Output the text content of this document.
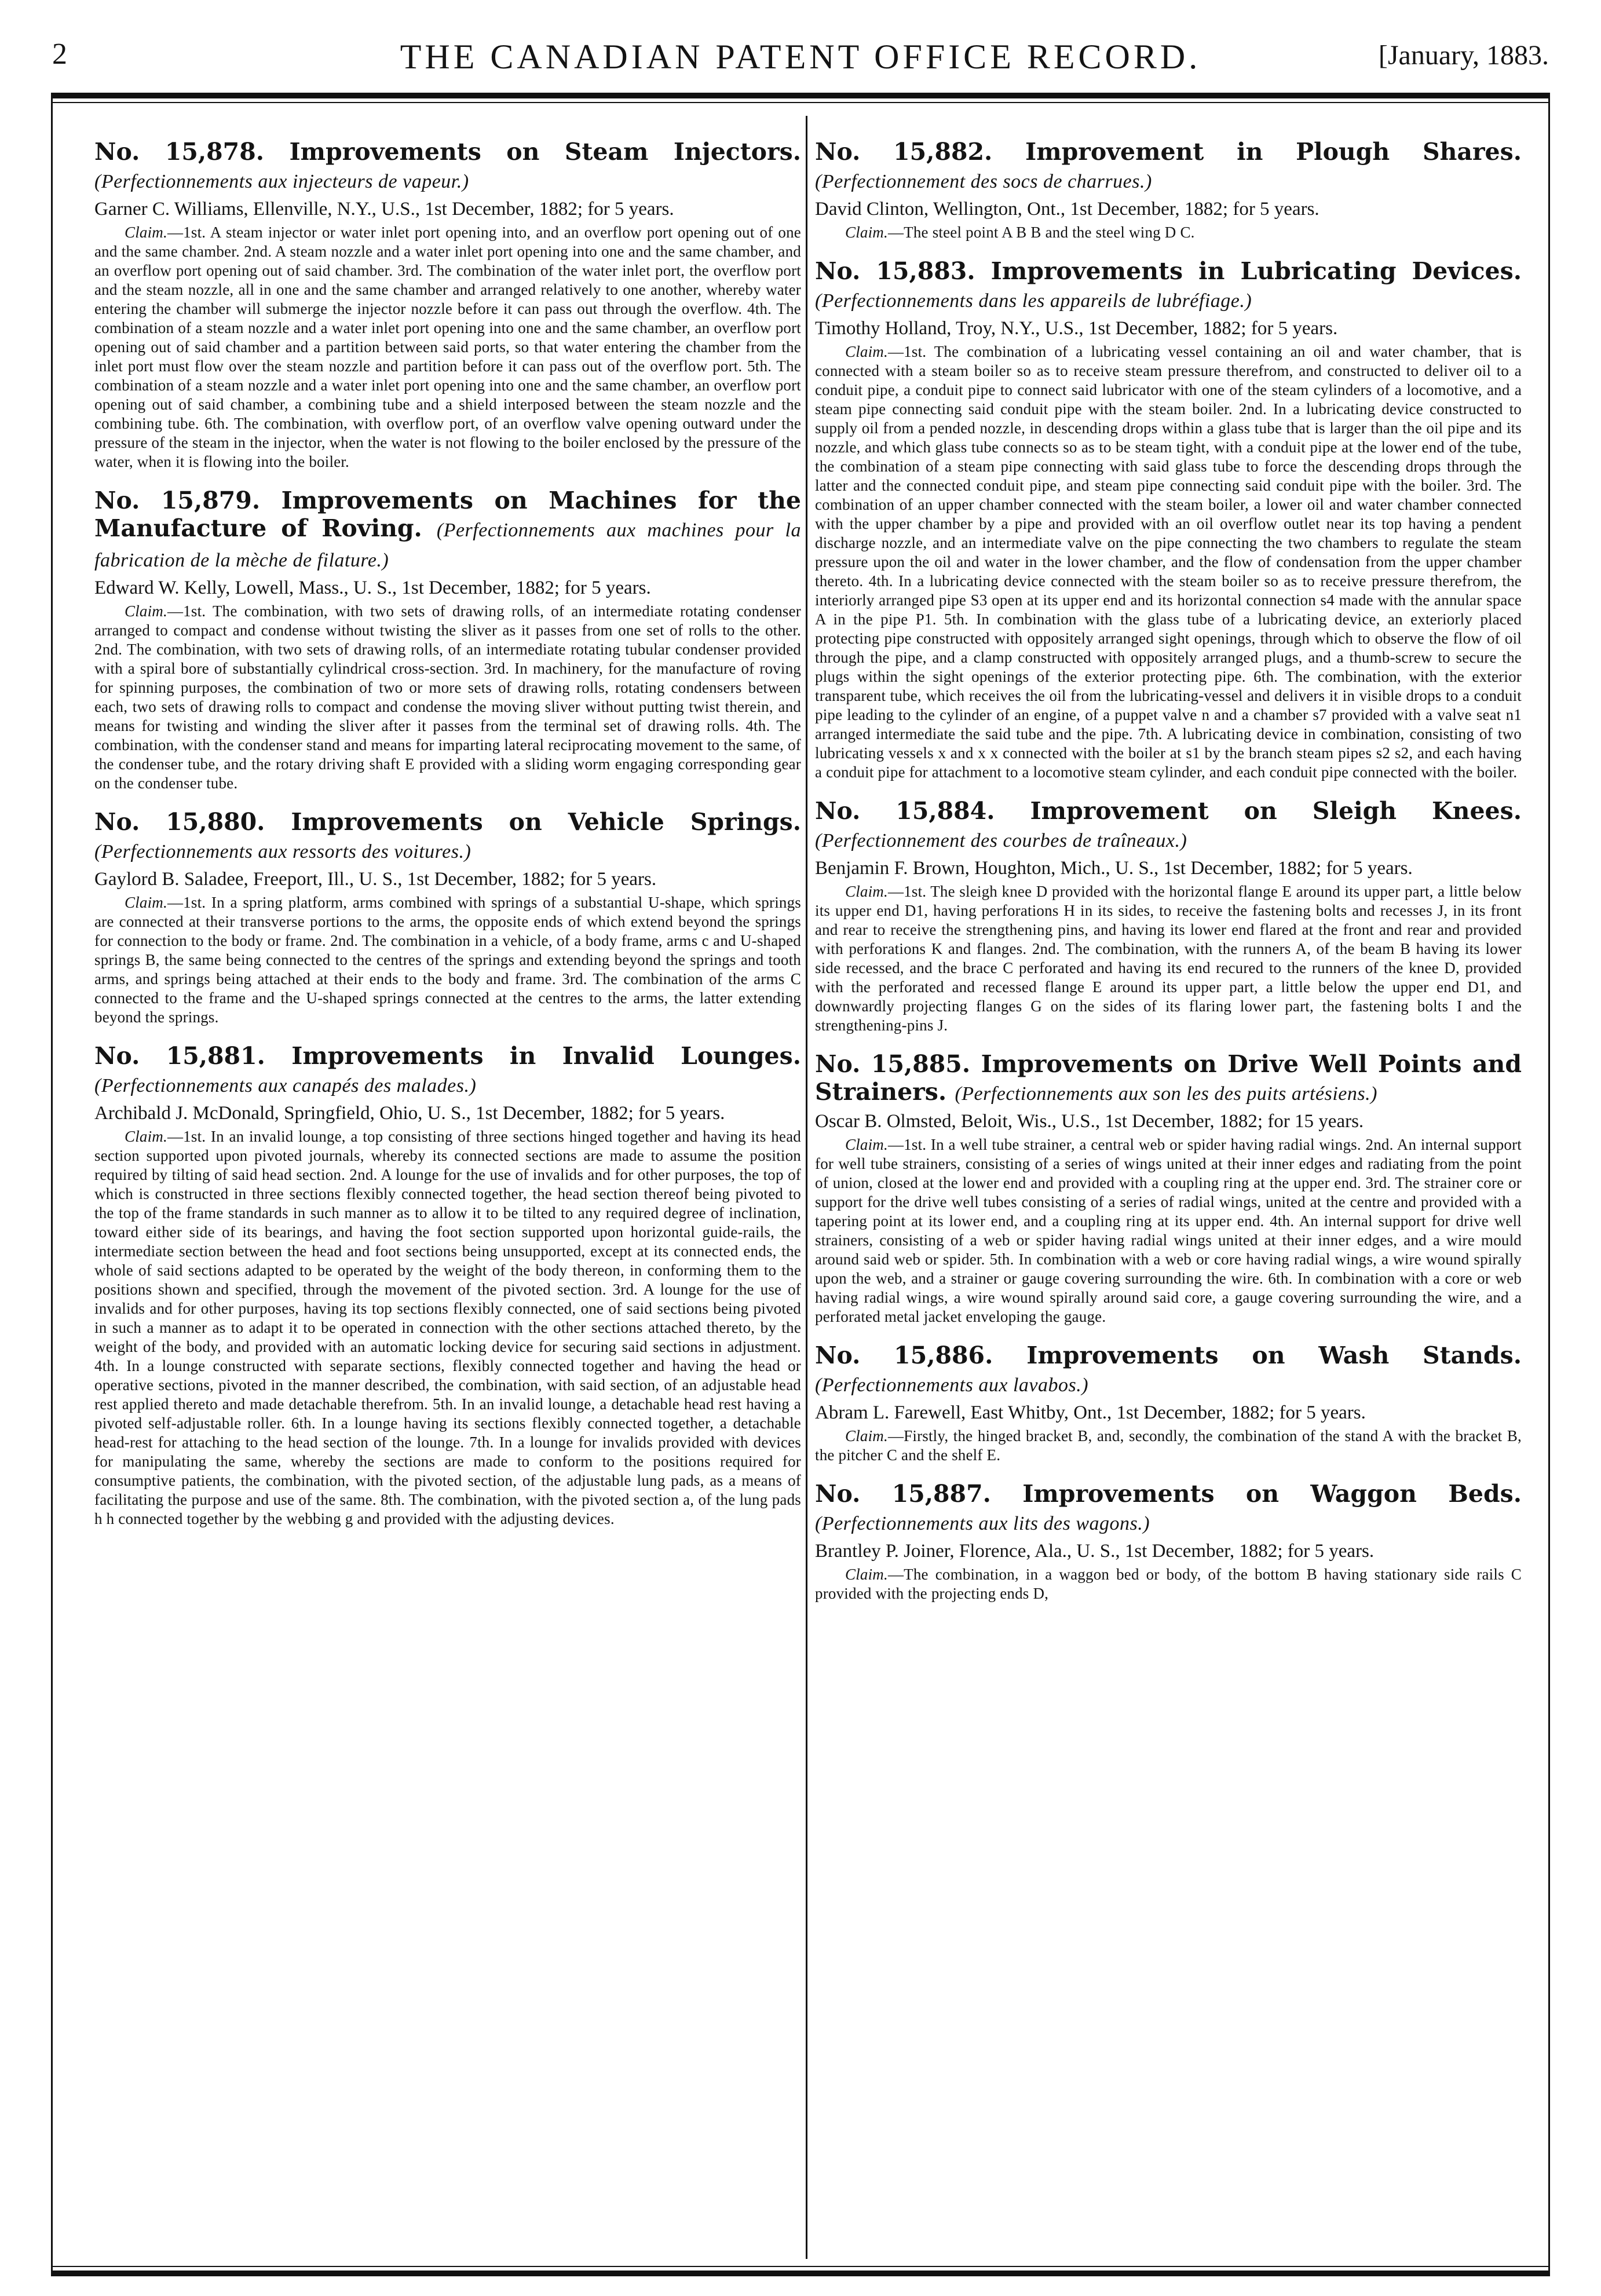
2	THE CANADIAN PATENT OFFICE RECORD.	[January, 1883.
No. 15,878. Improvements on Steam Injectors. (Perfectionnements aux injecteurs de vapeur.)
Garner C. Williams, Ellenville, N.Y., U.S., 1st December, 1882; for 5 years.
Claim.—1st. A steam injector or water inlet port opening into, and an overflow port opening out of one and the same chamber. 2nd. A steam nozzle and a water inlet port opening into one and the same chamber, and an overflow port opening out of said chamber. 3rd. The combination of the water inlet port, the overflow port and the steam nozzle, all in one and the same chamber and arranged relatively to one another, whereby water entering the chamber will submerge the injector nozzle before it can pass out through the overflow. 4th. The combination of a steam nozzle and a water inlet port opening into one and the same chamber, an overflow port opening out of said chamber and a partition between said ports, so that water entering the chamber from the inlet port must flow over the steam nozzle and partition before it can pass out of the overflow port. 5th. The combination of a steam nozzle and a water inlet port opening into one and the same chamber, an overflow port opening out of said chamber, a combining tube and a shield interposed between the steam nozzle and the combining tube. 6th. The combination, with overflow port, of an overflow valve opening outward under the pressure of the steam in the injector, when the water is not flowing to the boiler enclosed by the pressure of the water, when it is flowing into the boiler.
No. 15,879. Improvements on Machines for the Manufacture of Roving. (Perfectionnements aux machines pour la fabrication de la mèche de filature.)
Edward W. Kelly, Lowell, Mass., U. S., 1st December, 1882; for 5 years.
Claim.—1st. The combination, with two sets of drawing rolls, of an intermediate rotating condenser arranged to compact and condense without twisting the sliver as it passes from one set of rolls to the other. 2nd. The combination, with two sets of drawing rolls, of an intermediate rotating tubular condenser provided with a spiral bore of substantially cylindrical cross-section. 3rd. In machinery, for the manufacture of roving for spinning purposes, the combination of two or more sets of drawing rolls, rotating condensers between each, two sets of drawing rolls to compact and condense the moving sliver without putting twist therein, and means for twisting and winding the sliver after it passes from the terminal set of drawing rolls. 4th. The combination, with the condenser stand and means for imparting lateral reciprocating movement to the same, of the condenser tube, and the rotary driving shaft E provided with a sliding worm engaging corresponding gear on the condenser tube.
No. 15,880. Improvements on Vehicle Springs. (Perfectionnements aux ressorts des voitures.)
Gaylord B. Saladee, Freeport, Ill., U. S., 1st December, 1882; for 5 years.
Claim.—1st. In a spring platform, arms combined with springs of a substantial U-shape, which springs are connected at their transverse portions to the arms, the opposite ends of which extend beyond the springs for connection to the body or frame. 2nd. The combination in a vehicle, of a body frame, arms c and U-shaped springs B, the same being connected to the centres of the springs and extending beyond the springs and tooth arms, and springs being attached at their ends to the body and frame. 3rd. The combination of the arms C connected to the frame and the U-shaped springs connected at the centres to the arms, the latter extending beyond the springs.
No. 15,881. Improvements in Invalid Lounges. (Perfectionnements aux canapés des malades.)
Archibald J. McDonald, Springfield, Ohio, U. S., 1st December, 1882; for 5 years.
Claim.—1st. In an invalid lounge, a top consisting of three sections hinged together and having its head section supported upon pivoted journals, whereby its connected sections are made to assume the position required by tilting of said head section. 2nd. A lounge for the use of invalids and for other purposes, the top of which is constructed in three sections flexibly connected together, the head section thereof being pivoted to the top of the frame standards in such manner as to allow it to be tilted to any required degree of inclination, toward either side of its bearings, and having the foot section supported upon horizontal guide-rails, the intermediate section between the head and foot sections being unsupported, except at its connected ends, the whole of said sections adapted to be operated by the weight of the body thereon, in conforming them to the positions shown and specified, through the movement of the pivoted section. 3rd. A lounge for the use of invalids and for other purposes, having its top sections flexibly connected, one of said sections being pivoted in such a manner as to adapt it to be operated in connection with the other sections attached thereto, by the weight of the body, and provided with an automatic locking device for securing said sections in adjustment. 4th. In a lounge constructed with separate sections, flexibly connected together and having the head or operative sections, pivoted in the manner described, the combination, with said section, of an adjustable head rest applied thereto and made detachable therefrom. 5th. In an invalid lounge, a detachable head rest having a pivoted self-adjustable roller. 6th. In a lounge having its sections flexibly connected together, a detachable head-rest for attaching to the head section of the lounge. 7th. In a lounge for invalids provided with devices for manipulating the same, whereby the sections are made to conform to the positions required for consumptive patients, the combination, with the pivoted section, of the adjustable lung pads, as a means of facilitating the purpose and use of the same. 8th. The combination, with the pivoted section a, of the lung pads h h connected together by the webbing g and provided with the adjusting devices.
No. 15,882. Improvement in Plough Shares. (Perfectionnement des socs de charrues.)
David Clinton, Wellington, Ont., 1st December, 1882; for 5 years.
Claim.—The steel point A B B and the steel wing D C.
No. 15,883. Improvements in Lubricating Devices. (Perfectionnements dans les appareils de lubréfiage.)
Timothy Holland, Troy, N.Y., U.S., 1st December, 1882; for 5 years.
Claim.—1st. The combination of a lubricating vessel containing an oil and water chamber, that is connected with a steam boiler so as to receive steam pressure therefrom, and constructed to deliver oil to a conduit pipe, a conduit pipe to connect said lubricator with one of the steam cylinders of a locomotive, and a steam pipe connecting said conduit pipe with the steam boiler. 2nd. In a lubricating device constructed to supply oil from a pended nozzle, in descending drops within a glass tube that is larger than the oil pipe and its nozzle, and which glass tube connects so as to be steam tight, with a conduit pipe at the lower end of the tube, the combination of a steam pipe connecting with said glass tube to force the descending drops through the latter and the connected conduit pipe, and steam pipe connecting said conduit pipe with the boiler. 3rd. The combination of an upper chamber connected with the steam boiler, a lower oil and water chamber connected with the upper chamber by a pipe and provided with an oil overflow outlet near its top having a pendent discharge nozzle, and an intermediate valve on the pipe connecting the two chambers to regulate the steam pressure upon the oil and water in the lower chamber, and the flow of condensation from the upper chamber thereto. 4th. In a lubricating device connected with the steam boiler so as to receive pressure therefrom, the interiorly arranged pipe S3 open at its upper end and its horizontal connection s4 made with the annular space A in the pipe P1. 5th. In combination with the glass tube of a lubricating device, an exteriorly placed protecting pipe constructed with oppositely arranged sight openings, through which to observe the flow of oil through the pipe, and a clamp constructed with oppositely arranged plugs, and a thumb-screw to secure the plugs within the sight openings of the exterior protecting pipe. 6th. The combination, with the exterior transparent tube, which receives the oil from the lubricating-vessel and delivers it in visible drops to a conduit pipe leading to the cylinder of an engine, of a puppet valve n and a chamber s7 provided with a valve seat n1 arranged intermediate the said tube and the pipe. 7th. A lubricating device in combination, consisting of two lubricating vessels x and x x connected with the boiler at s1 by the branch steam pipes s2 s2, and each having a conduit pipe for attachment to a locomotive steam cylinder, and each conduit pipe connected with the boiler.
No. 15,884. Improvement on Sleigh Knees. (Perfectionnement des courbes de traîneaux.)
Benjamin F. Brown, Houghton, Mich., U. S., 1st December, 1882; for 5 years.
Claim.—1st. The sleigh knee D provided with the horizontal flange E around its upper part, a little below its upper end D1, having perforations H in its sides, to receive the fastening bolts and recesses J, in its front and rear to receive the strengthening pins, and having its lower end flared at the front and rear and provided with perforations K and flanges. 2nd. The combination, with the runners A, of the beam B having its lower side recessed, and the brace C perforated and having its end recured to the runners of the knee D, provided with the perforated and recessed flange E around its upper part, a little below the upper end D1, and downwardly projecting flanges G on the sides of its flaring lower part, the fastening bolts I and the strengthening-pins J.
No. 15,885. Improvements on Drive Well Points and Strainers. (Perfectionnements aux son les des puits artésiens.)
Oscar B. Olmsted, Beloit, Wis., U.S., 1st December, 1882; for 15 years.
Claim.—1st. In a well tube strainer, a central web or spider having radial wings. 2nd. An internal support for well tube strainers, consisting of a series of wings united at their inner edges and radiating from the point of union, closed at the lower end and provided with a coupling ring at the upper end. 3rd. The strainer core or support for the drive well tubes consisting of a series of radial wings, united at the centre and provided with a tapering point at its lower end, and a coupling ring at its upper end. 4th. An internal support for drive well strainers, consisting of a web or spider having radial wings united at their inner edges, and a wire mould around said web or spider. 5th. In combination with a web or core having radial wings, a wire wound spirally upon the web, and a strainer or gauge covering surrounding the wire. 6th. In combination with a core or web having radial wings, a wire wound spirally around said core, a gauge covering surrounding the wire, and a perforated metal jacket enveloping the gauge.
No. 15,886. Improvements on Wash Stands. (Perfectionnements aux lavabos.)
Abram L. Farewell, East Whitby, Ont., 1st December, 1882; for 5 years.
Claim.—Firstly, the hinged bracket B, and, secondly, the combination of the stand A with the bracket B, the pitcher C and the shelf E.
No. 15,887. Improvements on Waggon Beds. (Perfectionnements aux lits des wagons.)
Brantley P. Joiner, Florence, Ala., U. S., 1st December, 1882; for 5 years.
Claim.—The combination, in a waggon bed or body, of the bottom B having stationary side rails C provided with the projecting ends D,
